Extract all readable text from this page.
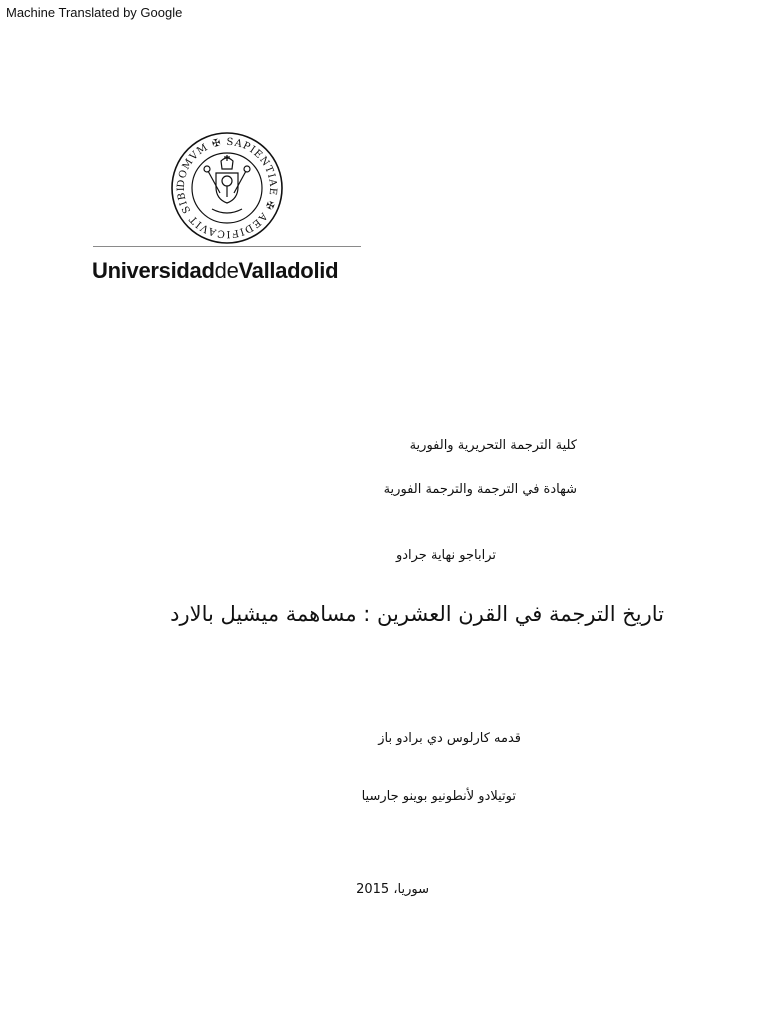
Machine Translated by Google
DOMVM ✠ SAPIENTIAE ✠ AEDIFICAVIT SIBI
UniversidaddeValladolid
كلية الترجمة التحريرية والفورية
شهادة في الترجمة والترجمة الفورية
تراباجو نهاية جرادو
تاريخ الترجمة في القرن العشرين : مساهمة ميشيل بالارد
قدمه كارلوس دي برادو باز
توتيلادو لأنطونيو بوينو جارسيا
سوريا، 2015
